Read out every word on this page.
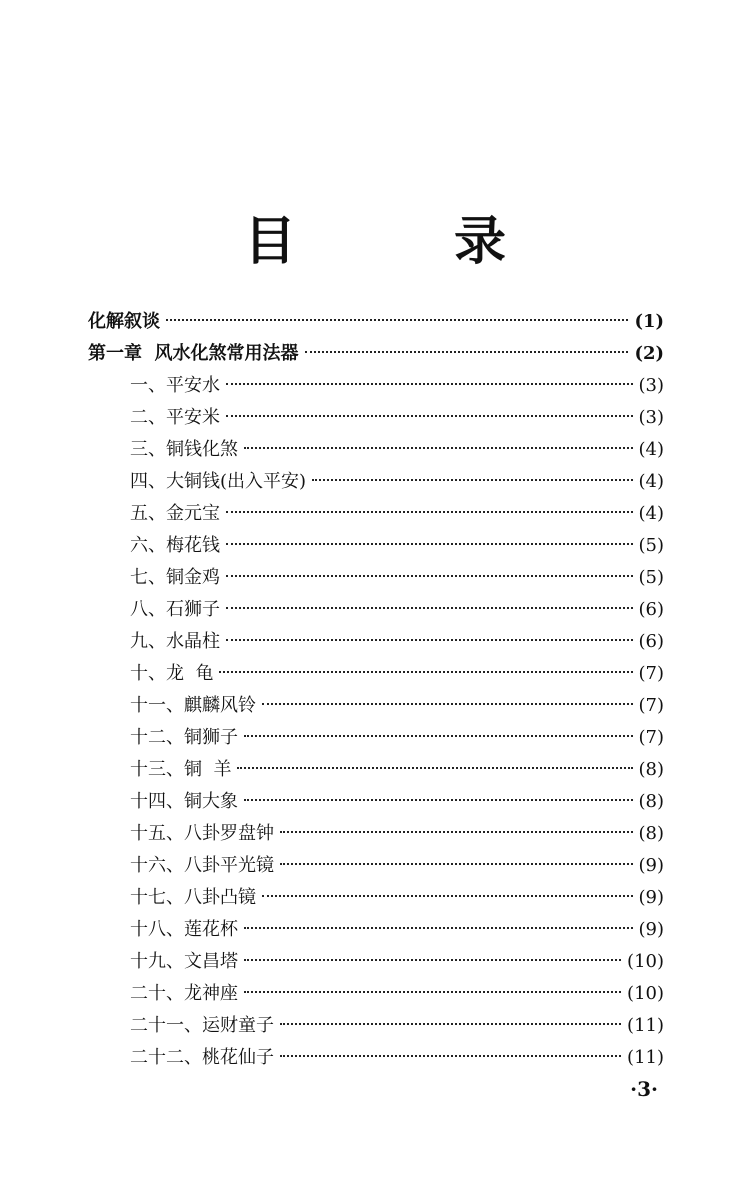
目 录
化解叙谈	(1)
第一章  风水化煞常用法器	(2)
一、平安水	(3)
二、平安米	(3)
三、铜钱化煞	(4)
四、大铜钱(出入平安)	(4)
五、金元宝	(4)
六、梅花钱	(5)
七、铜金鸡	(5)
八、石狮子	(6)
九、水晶柱	(6)
十、龙  龟	(7)
十一、麒麟风铃	(7)
十二、铜狮子	(7)
十三、铜  羊	(8)
十四、铜大象	(8)
十五、八卦罗盘钟	(8)
十六、八卦平光镜	(9)
十七、八卦凸镜	(9)
十八、莲花杯	(9)
十九、文昌塔	(10)
二十、龙神座	(10)
二十一、运财童子	(11)
二十二、桃花仙子	(11)
·3·
